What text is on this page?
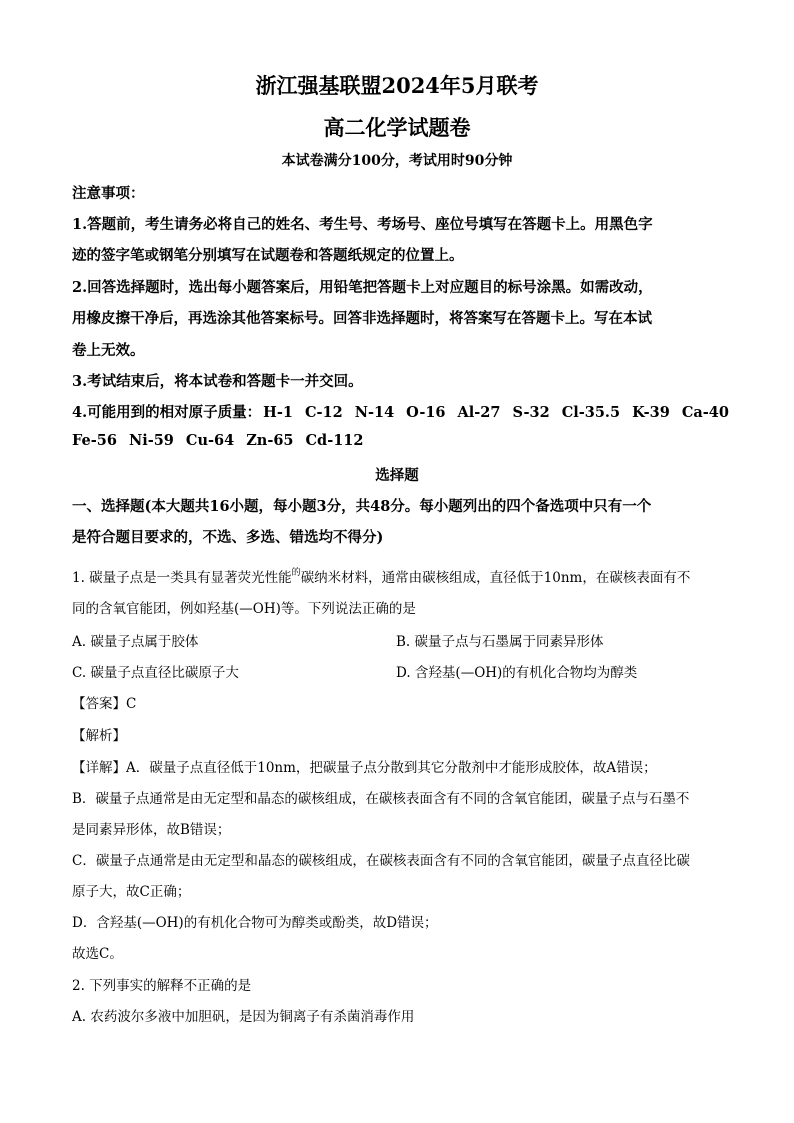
浙江强基联盟2024年5月联考
高二化学试题卷
本试卷满分100分，考试用时90分钟
注意事项：
1.答题前，考生请务必将自己的姓名、考生号、考场号、座位号填写在答题卡上。用黑色字
迹的签字笔或钢笔分别填写在试题卷和答题纸规定的位置上。
2.回答选择题时，选出每小题答案后，用铅笔把答题卡上对应题目的标号涂黑。如需改动，
用橡皮擦干净后，再选涂其他答案标号。回答非选择题时，将答案写在答题卡上。写在本试
卷上无效。
3.考试结束后，将本试卷和答题卡一并交回。
4.可能用到的相对原子质量： H-1 C-12 N-14 O-16 Al-27 S-32 Cl-35.5 K-39 Ca-40
Fe-56 Ni-59 Cu-64 Zn-65 Cd-112
选择题
一、选择题(本大题共16小题，每小题3分，共48分。每小题列出的四个备选项中只有一个
是符合题目要求的，不选、多选、错选均不得分)
1. 碳量子点是一类具有显著荧光性能$^的$碳纳米材料，通常由碳核组成，直径低于10nm，在碳核表面有不
同的含氧官能团，例如羟基(—OH)等。下列说法正确的是
A. 碳量子点属于胶体	B. 碳量子点与石墨属于同素异形体
C. 碳量子点直径比碳原子大	D. 含羟基(—OH)的有机化合物均为醇类
【答案】C
【解析】
【详解】A．碳量子点直径低于10nm，把碳量子点分散到其它分散剂中才能形成胶体，故A错误；
B．碳量子点通常是由无定型和晶态的碳核组成，在碳核表面含有不同的含氧官能团，碳量子点与石墨不
是同素异形体，故B错误；
C．碳量子点通常是由无定型和晶态的碳核组成，在碳核表面含有不同的含氧官能团，碳量子点直径比碳
原子大，故C正确；
D．含羟基(—OH)的有机化合物可为醇类或酚类，故D错误；
故选C。
2. 下列事实的解释不正确的是
A. 农药波尔多液中加胆矾，是因为铜离子有杀菌消毒作用
